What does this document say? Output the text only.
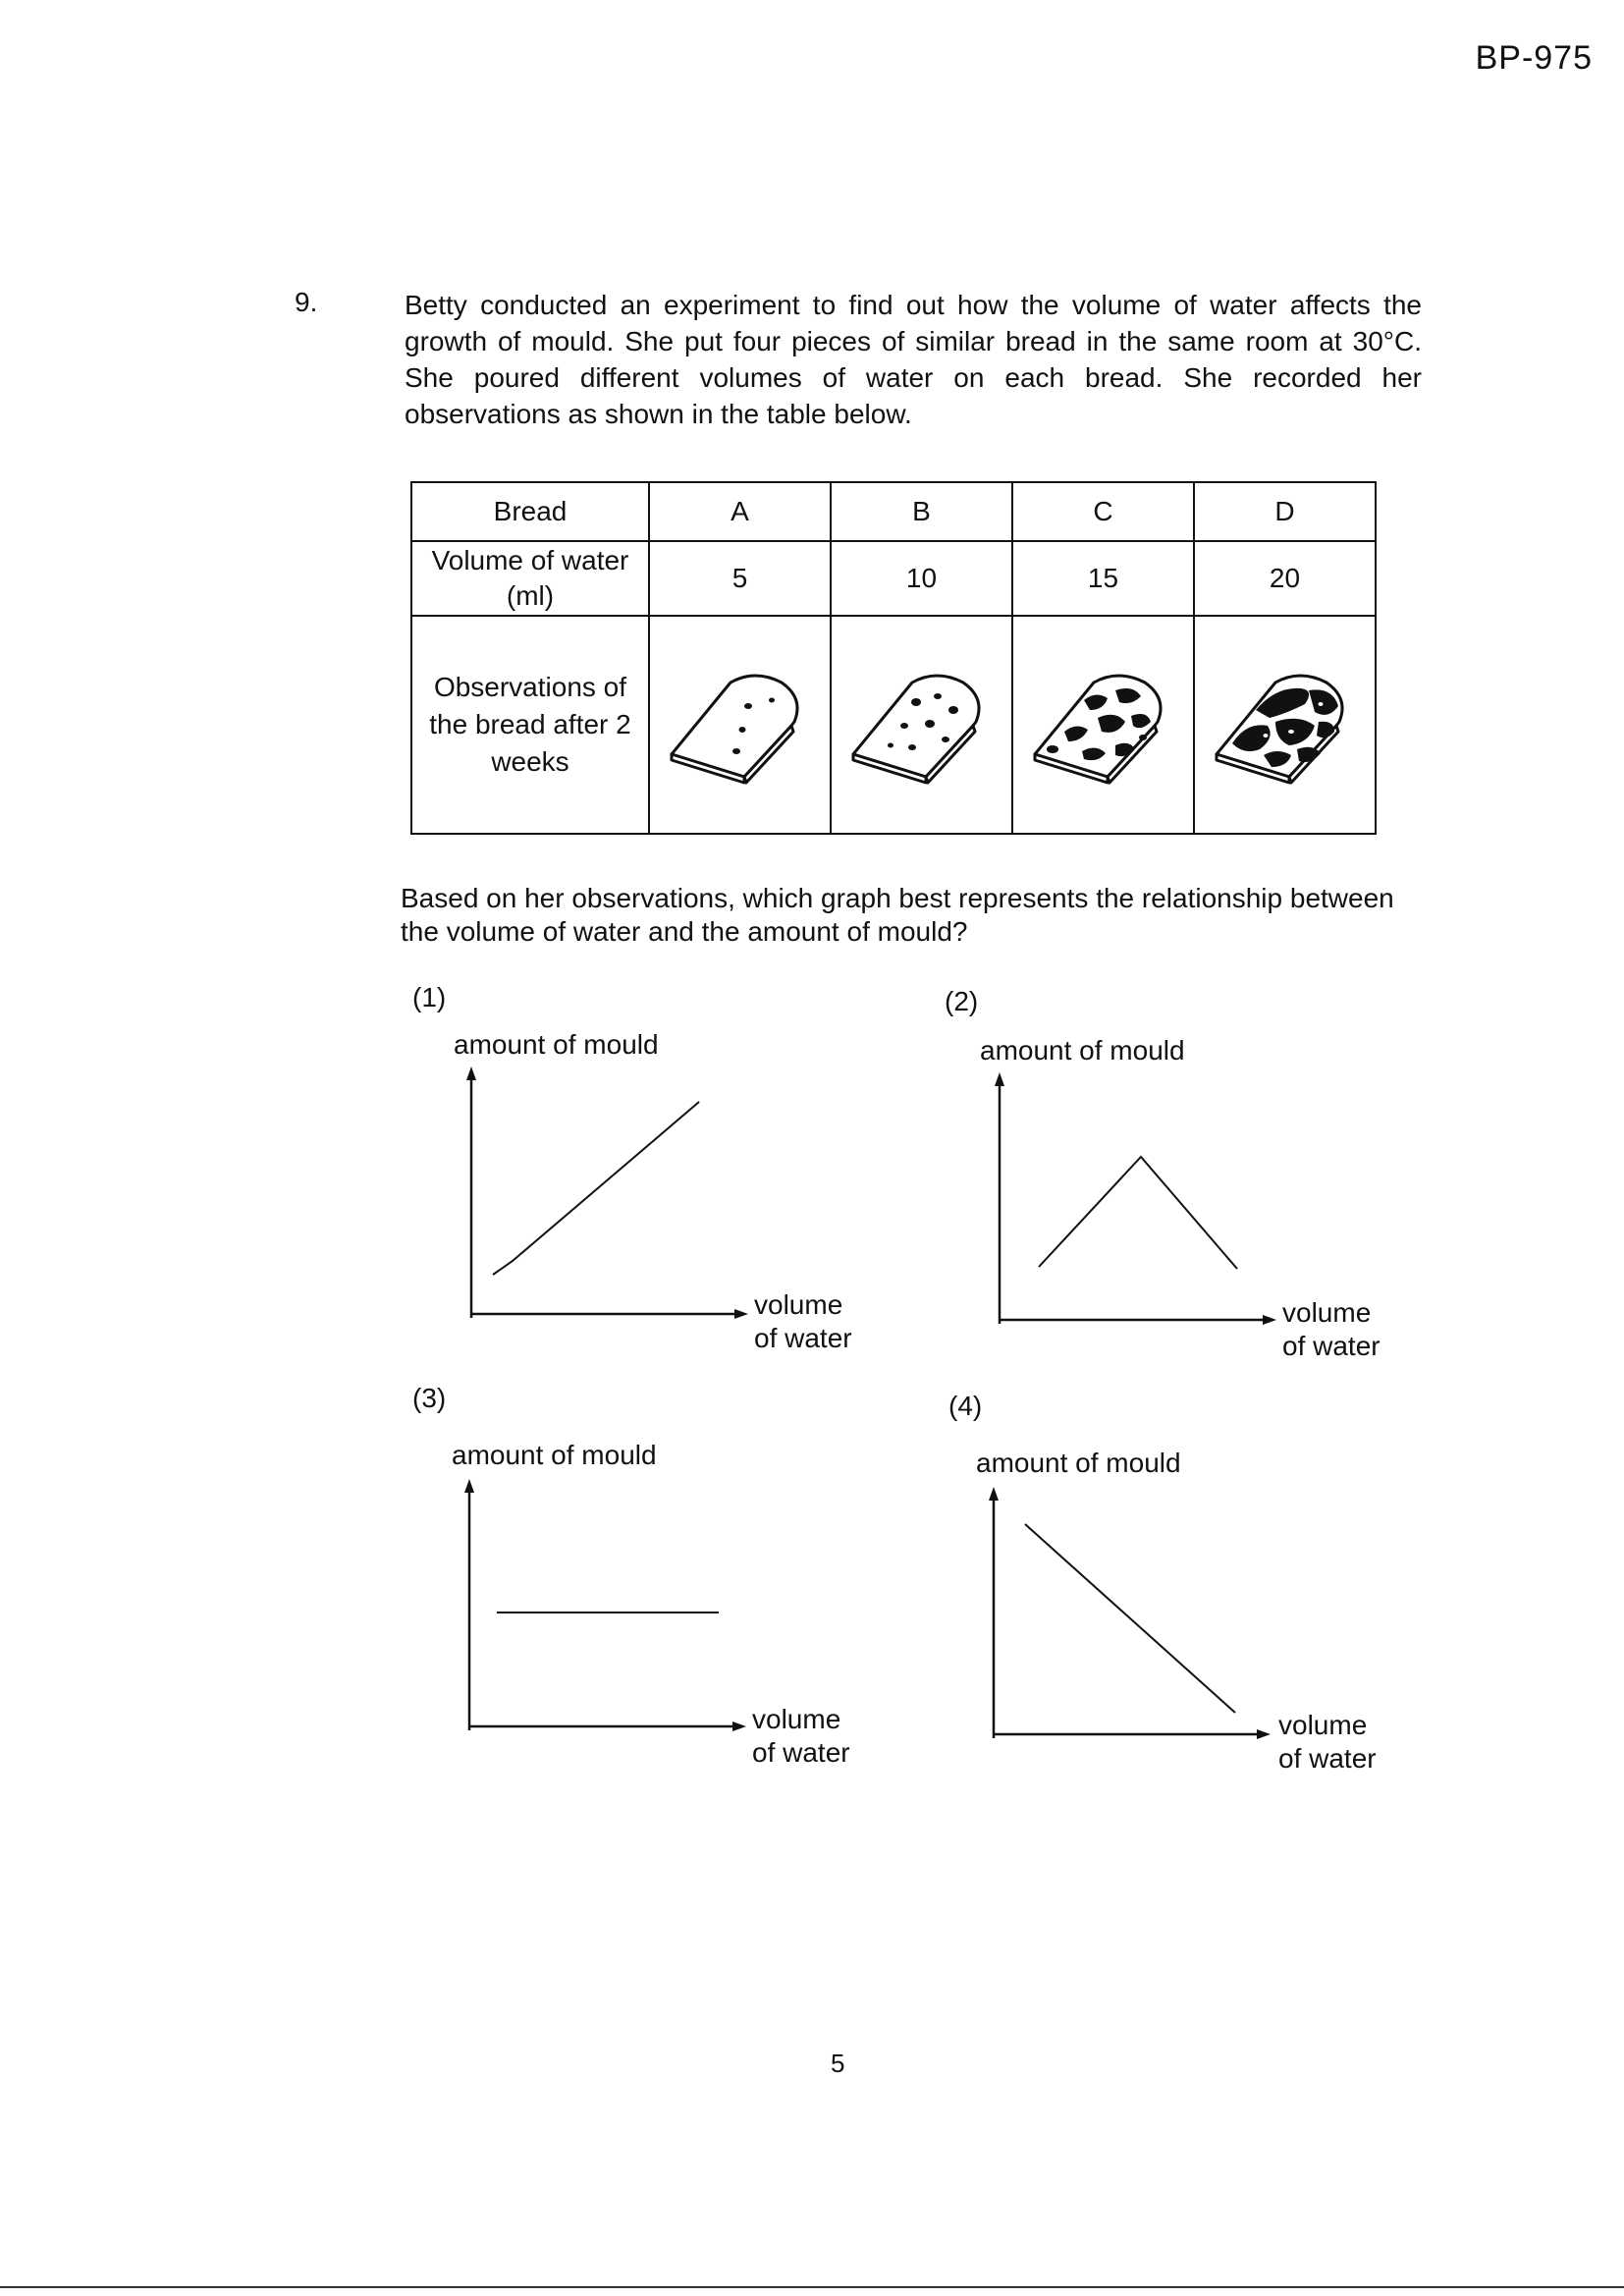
BP-975
9.	Betty conducted an experiment to find out how the volume of water affects the growth of mould. She put four pieces of similar bread in the same room at 30°C. She poured different volumes of water on each bread. She recorded her observations as shown in the table below.

Bread	A	B	C	D
Volume of water (ml)	5	10	15	20
Observations of the bread after 2 weeks	

Based on her observations, which graph best represents the relationship between the volume of water and the amount of mould?
(1)
amount of mould
volume
of water
(2)
amount of mould
volume
of water
(3)
amount of mould
volume
of water
(4)
amount of mould
volume
of water
5
